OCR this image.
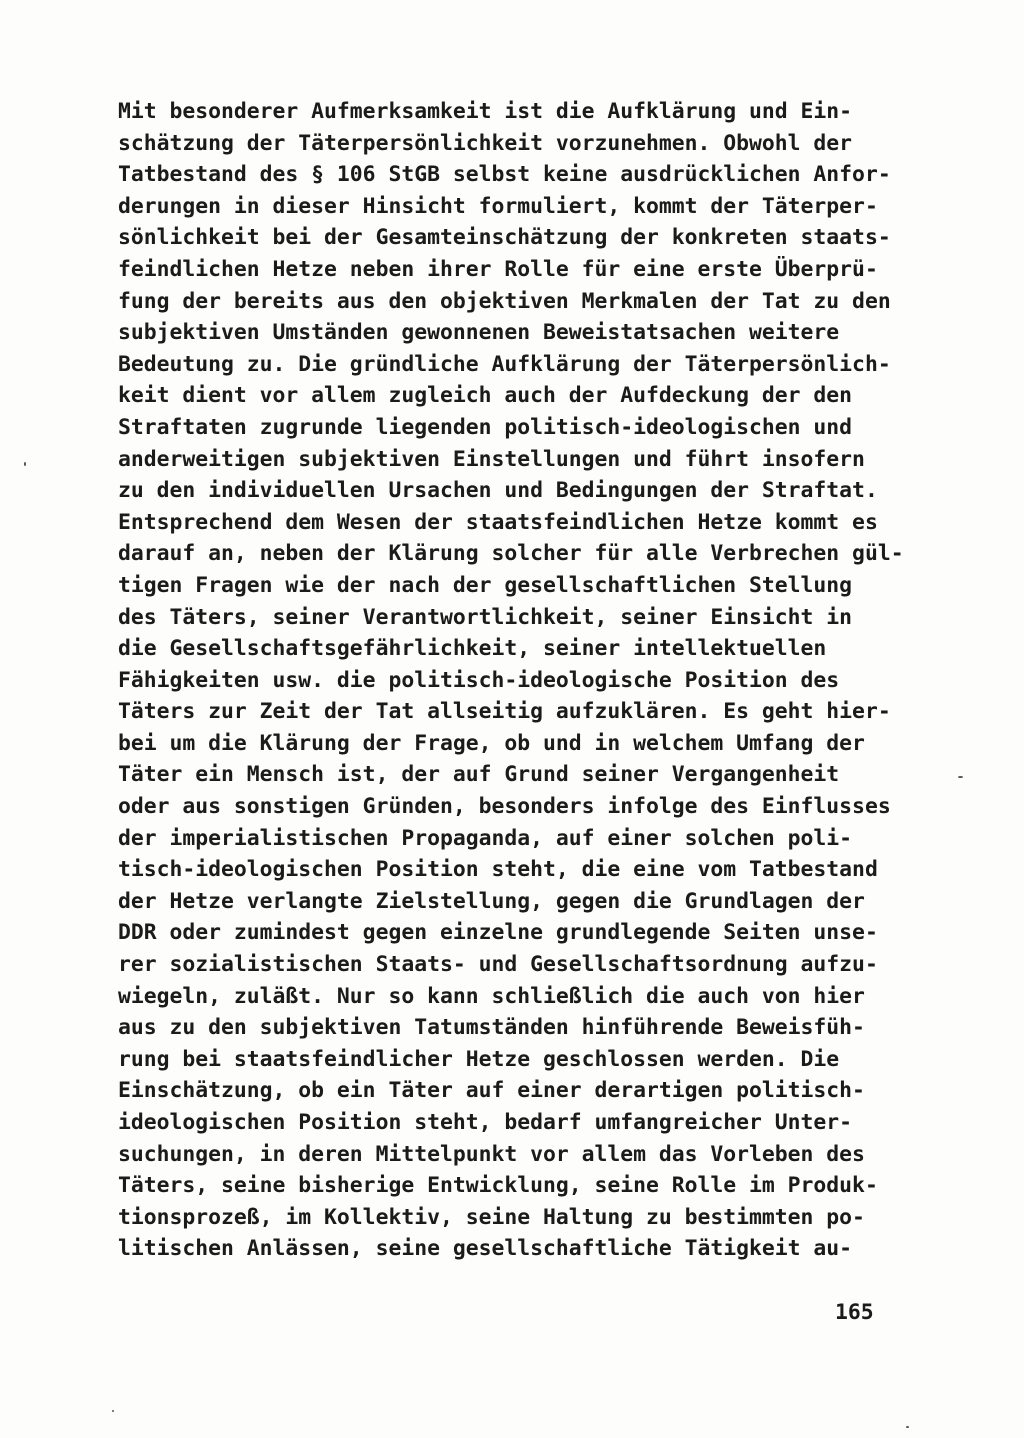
Mit besonderer Aufmerksamkeit ist die Aufklärung und Ein-
schätzung der Täterpersönlichkeit vorzunehmen. Obwohl der
Tatbestand des § 106 StGB selbst keine ausdrücklichen Anfor-
derungen in dieser Hinsicht formuliert, kommt der Täterper-
sönlichkeit bei der Gesamteinschätzung der konkreten staats-
feindlichen Hetze neben ihrer Rolle für eine erste Überprü-
fung der bereits aus den objektiven Merkmalen der Tat zu den
subjektiven Umständen gewonnenen Beweistatsachen weitere
Bedeutung zu. Die gründliche Aufklärung der Täterpersönlich-
keit dient vor allem zugleich auch der Aufdeckung der den
Straftaten zugrunde liegenden politisch-ideologischen und
anderweitigen subjektiven Einstellungen und führt insofern
zu den individuellen Ursachen und Bedingungen der Straftat.
Entsprechend dem Wesen der staatsfeindlichen Hetze kommt es
darauf an, neben der Klärung solcher für alle Verbrechen gül-
tigen Fragen wie der nach der gesellschaftlichen Stellung
des Täters, seiner Verantwortlichkeit, seiner Einsicht in
die Gesellschaftsgefährlichkeit, seiner intellektuellen
Fähigkeiten usw. die politisch-ideologische Position des
Täters zur Zeit der Tat allseitig aufzuklären. Es geht hier-
bei um die Klärung der Frage, ob und in welchem Umfang der
Täter ein Mensch ist, der auf Grund seiner Vergangenheit
oder aus sonstigen Gründen, besonders infolge des Einflusses
der imperialistischen Propaganda, auf einer solchen poli-
tisch-ideologischen Position steht, die eine vom Tatbestand
der Hetze verlangte Zielstellung, gegen die Grundlagen der
DDR oder zumindest gegen einzelne grundlegende Seiten unse-
rer sozialistischen Staats- und Gesellschaftsordnung aufzu-
wiegeln, zuläßt. Nur so kann schließlich die auch von hier
aus zu den subjektiven Tatumständen hinführende Beweisfüh-
rung bei staatsfeindlicher Hetze geschlossen werden. Die
Einschätzung, ob ein Täter auf einer derartigen politisch-
ideologischen Position steht, bedarf umfangreicher Unter-
suchungen, in deren Mittelpunkt vor allem das Vorleben des
Täters, seine bisherige Entwicklung, seine Rolle im Produk-
tionsprozeß, im Kollektiv, seine Haltung zu bestimmten po-
litischen Anlässen, seine gesellschaftliche Tätigkeit au-
165
